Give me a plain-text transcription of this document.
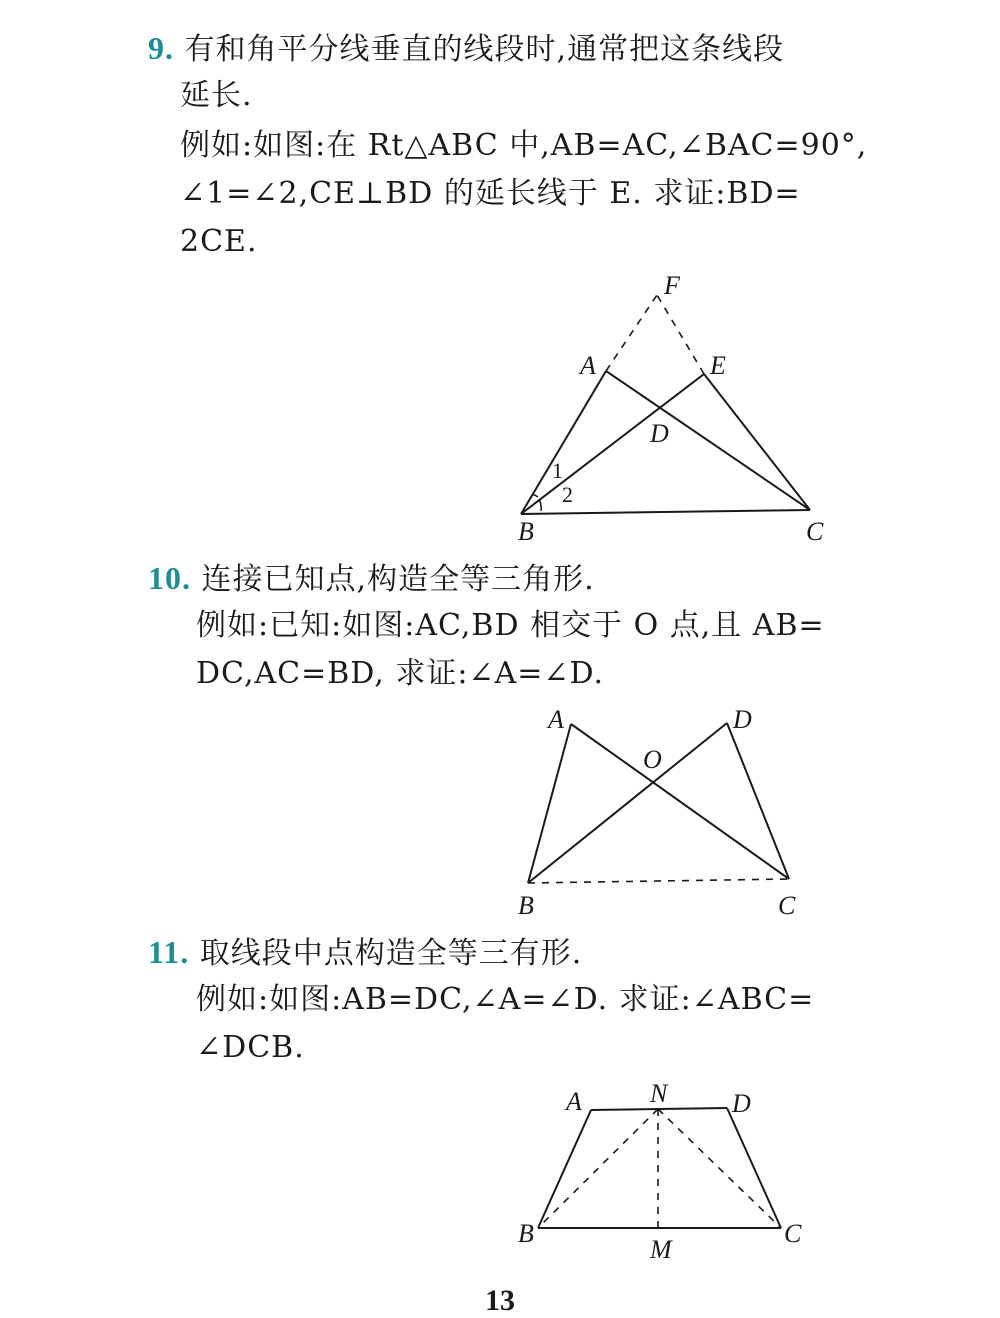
9. 有和角平分线垂直的线段时,通常把这条线段
延长.
例如:如图:在 Rt△ABC 中,AB=AC,∠BAC=90°,
∠1=∠2,CE⊥BD 的延长线于 E. 求证:BD=
2CE.
F
A	E
D
1
2
B	C
10. 连接已知点,构造全等三角形.
例如:已知:如图:AC,BD 相交于 O 点,且 AB=
DC,AC=BD, 求证:∠A=∠D.
A	D
O
B	C
11. 取线段中点构造全等三有形.
例如:如图:AB=DC,∠A=∠D. 求证:∠ABC=
∠DCB.
A	N D
B	C
M
13
